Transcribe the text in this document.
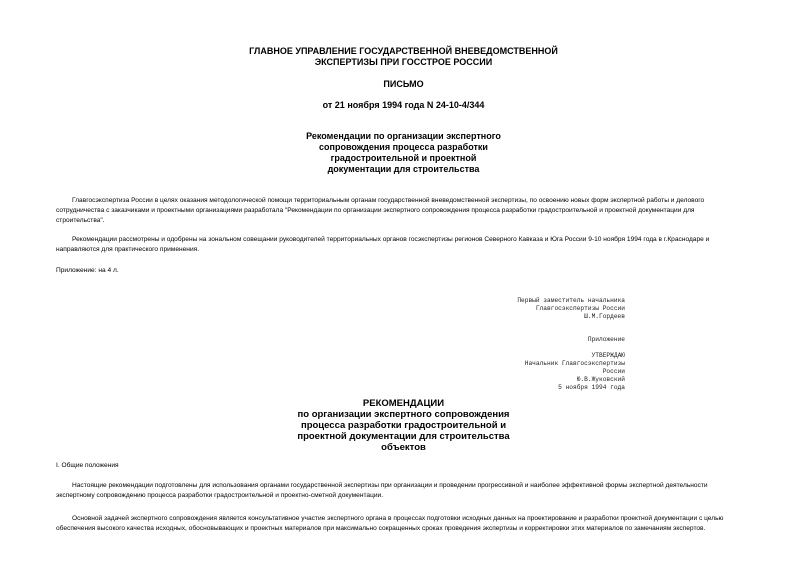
ГЛАВНОЕ УПРАВЛЕНИЕ ГОСУДАРСТВЕННОЙ ВНЕВЕДОМСТВЕННОЙ
ЭКСПЕРТИЗЫ ПРИ ГОССТРОЕ РОССИИ
ПИСЬМО
от 21 ноября 1994 года N 24-10-4/344
Рекомендации по организации экспертного
сопровождения процесса разработки
градостроительной и проектной
документации для строительства
Главгосэкспертиза России в целях оказания методологической помощи территориальным органам государственной вневедомственной экспертизы, по освоению новых форм экспертной работы и делового
сотрудничества с заказчиками и проектными организациями разработала "Рекомендации по организации экспертного сопровождения процесса разработки градостроительной и проектной документации для
строительства".
Рекомендации рассмотрены и одобрены на зональном совещании руководителей территориальных органов госэкспертизы регионов Северного Кавказа и Юга России 9-10 ноября 1994 года в г.Краснодаре и
направляются для практического применения.
Приложение: на 4 л.
Первый заместитель начальника
Главгосэкспертизы России
Ш.М.Гордеев
Приложение
УТВЕРЖДАЮ
Начальник Главгосэкспертизы
России
Ю.В.Жуковский
5 ноября 1994 года
РЕКОМЕНДАЦИИ
по организации экспертного сопровождения
процесса разработки градостроительной и
проектной документации для строительства
объектов
I. Общие положения
Настоящие рекомендации подготовлены для использования органами государственной экспертизы при организации и проведении прогрессивной и наиболее эффективной формы экспертной деятельности
экспертному сопровождению процесса разработки градостроительной и проектно-сметной документации.
Основной задачей экспертного сопровождения является консультативное участие экспертного органа в процессах подготовки исходных данных на проектирование и разработки проектной документации с целью
обеспечения высокого качества исходных, обосновывающих и проектных материалов при максимально сокращенных сроках проведения экспертизы и корректировки этих материалов по замечаниям экспертов.
